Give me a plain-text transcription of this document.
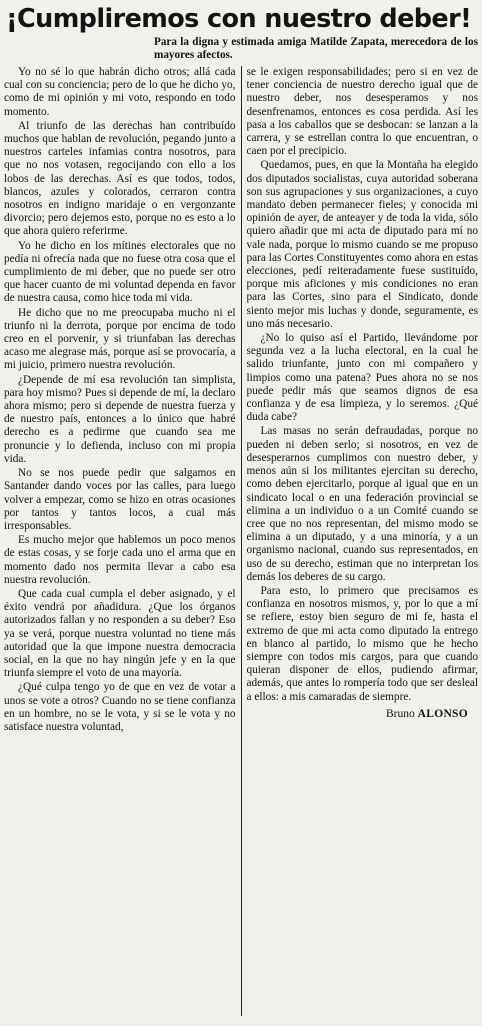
¡Cumpliremos con nuestro deber!
Para la digna y estimada amiga Matilde Zapata, merecedora de los mayores afectos.

Yo no sé lo que habrán dicho otros; allá cada cual con su conciencia; pero de lo que he dicho yo, como de mi opinión y mi voto, respondo en todo momento.

Al triunfo de las derechas han contribuído muchos que hablan de revolución, pegando junto a nuestros carteles infamias contra nosotros, para que no nos votasen, regocijando con ello a los lobos de las derechas. Así es que todos, todos, blancos, azules y colorados, cerraron contra nosotros en indigno maridaje o en vergonzante divorcio; pero dejemos esto, porque no es esto a lo que ahora quiero referirme.

Yo he dicho en los mítines electorales que no pedía ni ofrecía nada que no fuese otra cosa que el cumplimiento de mi deber, que no puede ser otro que hacer cuanto de mi voluntad dependa en favor de nuestra causa, como hice toda mi vida.

He dicho que no me preocupaba mucho ni el triunfo ni la derrota, porque por encima de todo creo en el porvenir, y si triunfaban las derechas acaso me alegrase más, porque así se provocaría, a mi juicio, primero nuestra revolución.

¿Depende de mí esa revolución tan simplista, para hoy mismo? Pues si depende de mí, la declaro ahora mismo; pero si depende de nuestra fuerza y de nuestro país, entonces a lo único que habré derecho es a pedirme que cuando sea me pronuncie y lo defienda, incluso con mi propia vida.

No se nos puede pedir que salgamos en Santander dando voces por las calles, para luego volver a empezar, como se hizo en otras ocasiones por tantos y tantos locos, a cual más irresponsables.

Es mucho mejor que hablemos un poco menos de estas cosas, y se forje cada uno el arma que en momento dado nos permita llevar a cabo esa nuestra revolución.

Que cada cual cumpla el deber asignado, y el éxito vendrá por añadidura. ¿Que los órganos autorizados fallan y no responden a su deber? Eso ya se verá, porque nuestra voluntad no tiene más autoridad que la que impone nuestra democracia social, en la que no hay ningún jefe y en la que triunfa siempre el voto de una mayoría.

¿Qué culpa tengo yo de que en vez de votar a unos se vote a otros? Cuando no se tiene confianza en un hombre, no se le vota, y si se le vota y no satisface nuestra voluntad,

se le exigen responsabilidades; pero si en vez de tener conciencia de nuestro derecho igual que de nuestro deber, nos desesperamos y nos desenfrenamos, entonces es cosa perdida. Así les pasa a los caballos que se desbocan: se lanzan a la carrera, y se estrellan contra lo que encuentran, o caen por el precipicio.

Quedamos, pues, en que la Montaña ha elegido dos diputados socialistas, cuya autoridad soberana son sus agrupaciones y sus organizaciones, a cuyo mandato deben permanecer fieles; y conocida mi opinión de ayer, de anteayer y de toda la vida, sólo quiero añadir que mi acta de diputado para mí no vale nada, porque lo mismo cuando se me propuso para las Cortes Constituyentes como ahora en estas elecciones, pedí reiteradamente fuese sustituído, porque mis aficiones y mis condiciones no eran para las Cortes, sino para el Sindicato, donde siento mejor mis luchas y donde, seguramente, es uno más necesario.

¿No lo quiso así el Partido, llevándome por segunda vez a la lucha electoral, en la cual he salido triunfante, junto con mi compañero y limpios como una patena? Pues ahora no se nos puede pedir más que seamos dignos de esa confianza y de esa limpieza, y lo seremos. ¿Qué duda cabe?

Las masas no serán defraudadas, porque no pueden ni deben serlo; si nosotros, en vez de desesperarnos cumplimos con nuestro deber, y menos aún si los militantes ejercitan su derecho, como deben ejercitarlo, porque al igual que en un sindicato local o en una federación provincial se elimina a un individuo o a un Comité cuando se cree que no nos representan, del mismo modo se elimina a un diputado, y a una minoría, y a un organismo nacional, cuando sus representados, en uso de su derecho, estiman que no interpretan los demás los deberes de su cargo.

Para esto, lo primero que precisamos es confianza en nosotros mismos, y, por lo que a mí se refiere, estoy bien seguro de mi fe, hasta el extremo de que mi acta como diputado la entrego en blanco al partido, lo mismo que he hecho siempre con todos mis cargos, para que cuando quieran disponer de ellos, pudiendo afirmar, además, que antes lo rompería todo que ser desleal a ellos: a mis camaradas de siempre.

Bruno ALONSO
